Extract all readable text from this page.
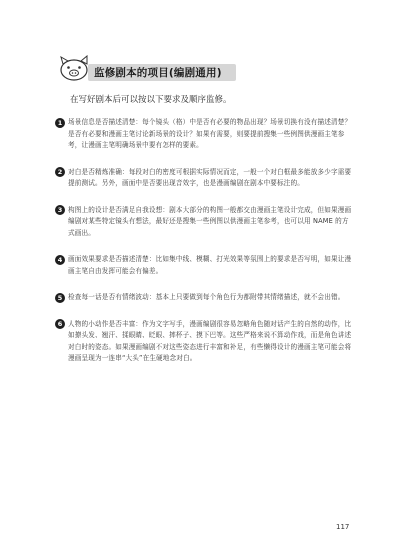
监修剧本的项目(编剧通用)
在写好剧本后可以按以下要求及顺序监修。
1 场景信息是否描述清楚：每个镜头（格）中是否有必要的物品出现？场景切换有没有描述清楚？是否有必要和漫画主笔讨论新场景的设计？如果有需要，则要提前搜集一些例图供漫画主笔参考，让漫画主笔明确场景中要有怎样的要素。
2 对白是否精炼准确：每段对白的密度可根据实际情况而定，一般一个对白框最多能放多少字需要提前测试。另外，画面中是否要出现音效字，也是漫画编剧在剧本中要标注的。
3 构图上的设计是否满足自我设想：剧本大部分的构图一般都交由漫画主笔设计完成，但如果漫画编剧对某些特定镜头有想法，最好还是搜集一些例图以供漫画主笔参考，也可以用 NAME 的方式画出。
4 画面效果要求是否描述清楚：比如集中线、模糊、打光效果等氛围上的要求是否写明，如果让漫画主笔自由发挥可能会有偏差。
5 检查每一话是否有情绪波动：基本上只要做到每个角色行为都附带其情绪描述，就不会出错。
6 人物的小动作是否丰富：作为文字写手，漫画编剧很容易忽略角色随对话产生的自然的动作，比如撩头发、翘汗、揉眼睛、眨眼、摔杯子、摸下巴等。这些严格来说不算动作戏，而是角色讲述对白时的姿态。如果漫画编剧不对这些姿态进行丰富和补足，有些懒得设计的漫画主笔可能会将漫画呈现为一连串“大头”在生硬地念对白。
117
